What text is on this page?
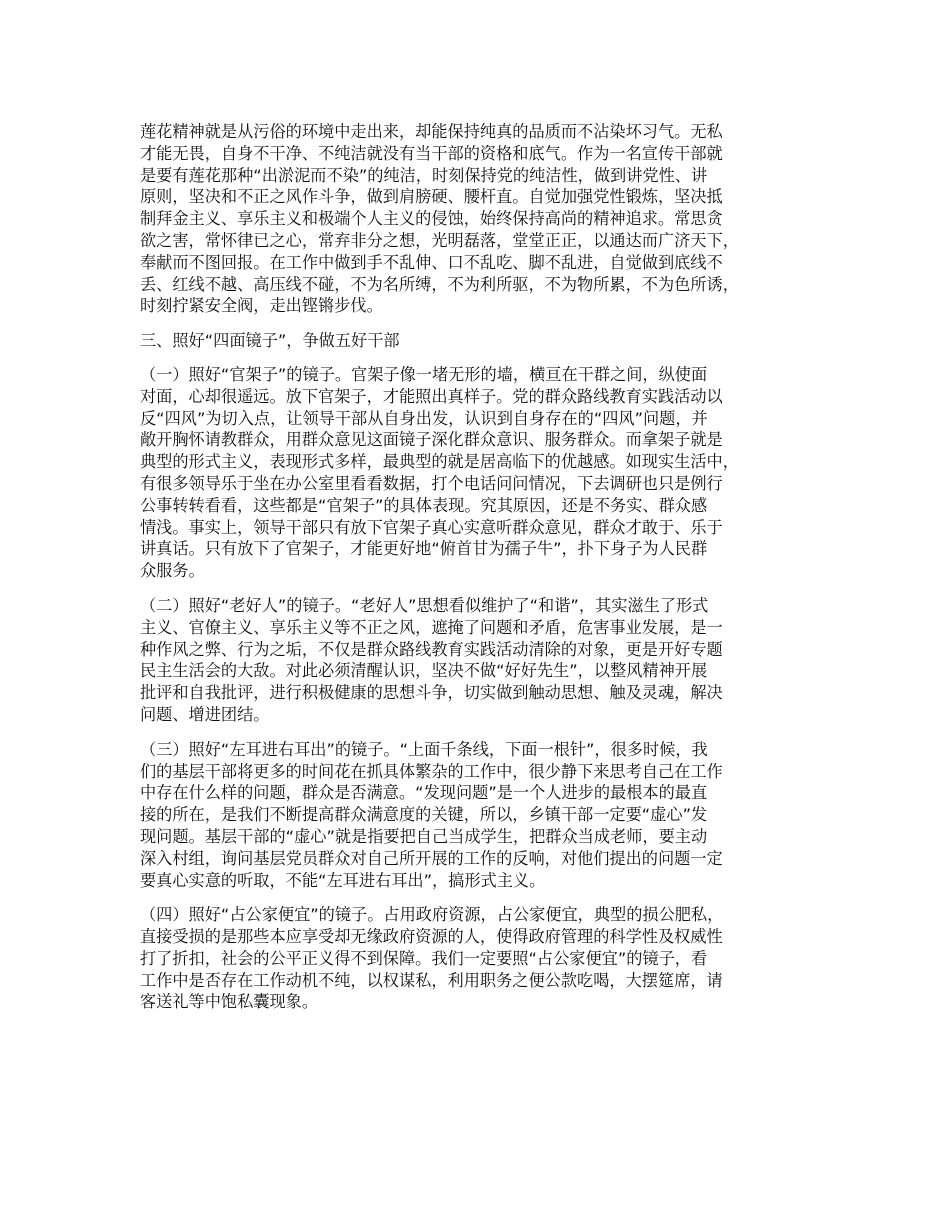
莲花精神就是从污俗的环境中走出来，却能保持纯真的品质而不沾染坏习气。无私
才能无畏，自身不干净、不纯洁就没有当干部的资格和底气。作为一名宣传干部就
是要有莲花那种“出淤泥而不染”的纯洁，时刻保持党的纯洁性，做到讲党性、讲
原则，坚决和不正之风作斗争，做到肩膀硬、腰杆直。自觉加强党性锻炼，坚决抵
制拜金主义、享乐主义和极端个人主义的侵蚀，始终保持高尚的精神追求。常思贪
欲之害，常怀律已之心，常弃非分之想，光明磊落，堂堂正正，以通达而广济天下，
奉献而不图回报。在工作中做到手不乱伸、口不乱吃、脚不乱进，自觉做到底线不
丢、红线不越、高压线不碰，不为名所缚，不为利所驱，不为物所累，不为色所诱，
时刻拧紧安全阀，走出铿锵步伐。

三、照好“四面镜子”，争做五好干部

（一）照好“官架子”的镜子。官架子像一堵无形的墙，横亘在干群之间，纵使面
对面，心却很遥远。放下官架子，才能照出真样子。党的群众路线教育实践活动以
反“四风”为切入点，让领导干部从自身出发，认识到自身存在的“四风”问题，并
敞开胸怀请教群众，用群众意见这面镜子深化群众意识、服务群众。而拿架子就是
典型的形式主义，表现形式多样，最典型的就是居高临下的优越感。如现实生活中，
有很多领导乐于坐在办公室里看看数据，打个电话问问情况，下去调研也只是例行
公事转转看看，这些都是“官架子”的具体表现。究其原因，还是不务实、群众感
情浅。事实上，领导干部只有放下官架子真心实意听群众意见，群众才敢于、乐于
讲真话。只有放下了官架子，才能更好地“俯首甘为孺子牛”，扑下身子为人民群
众服务。

（二）照好“老好人”的镜子。“老好人”思想看似维护了“和谐”，其实滋生了形式
主义、官僚主义、享乐主义等不正之风，遮掩了问题和矛盾，危害事业发展，是一
种作风之弊、行为之垢，不仅是群众路线教育实践活动清除的对象，更是开好专题
民主生活会的大敌。对此必须清醒认识，坚决不做“好好先生”，以整风精神开展
批评和自我批评，进行积极健康的思想斗争，切实做到触动思想、触及灵魂，解决
问题、增进团结。

（三）照好“左耳进右耳出”的镜子。“上面千条线，下面一根针”，很多时候，我
们的基层干部将更多的时间花在抓具体繁杂的工作中，很少静下来思考自己在工作
中存在什么样的问题，群众是否满意。“发现问题”是一个人进步的最根本的最直
接的所在，是我们不断提高群众满意度的关键，所以，乡镇干部一定要“虚心”发
现问题。基层干部的“虚心”就是指要把自己当成学生，把群众当成老师，要主动
深入村组，询问基层党员群众对自己所开展的工作的反响，对他们提出的问题一定
要真心实意的听取，不能“左耳进右耳出”，搞形式主义。

（四）照好“占公家便宜”的镜子。占用政府资源，占公家便宜，典型的损公肥私，
直接受损的是那些本应享受却无缘政府资源的人，使得政府管理的科学性及权威性
打了折扣，社会的公平正义得不到保障。我们一定要照“占公家便宜”的镜子，看
工作中是否存在工作动机不纯，以权谋私，利用职务之便公款吃喝，大摆筵席，请
客送礼等中饱私囊现象。
